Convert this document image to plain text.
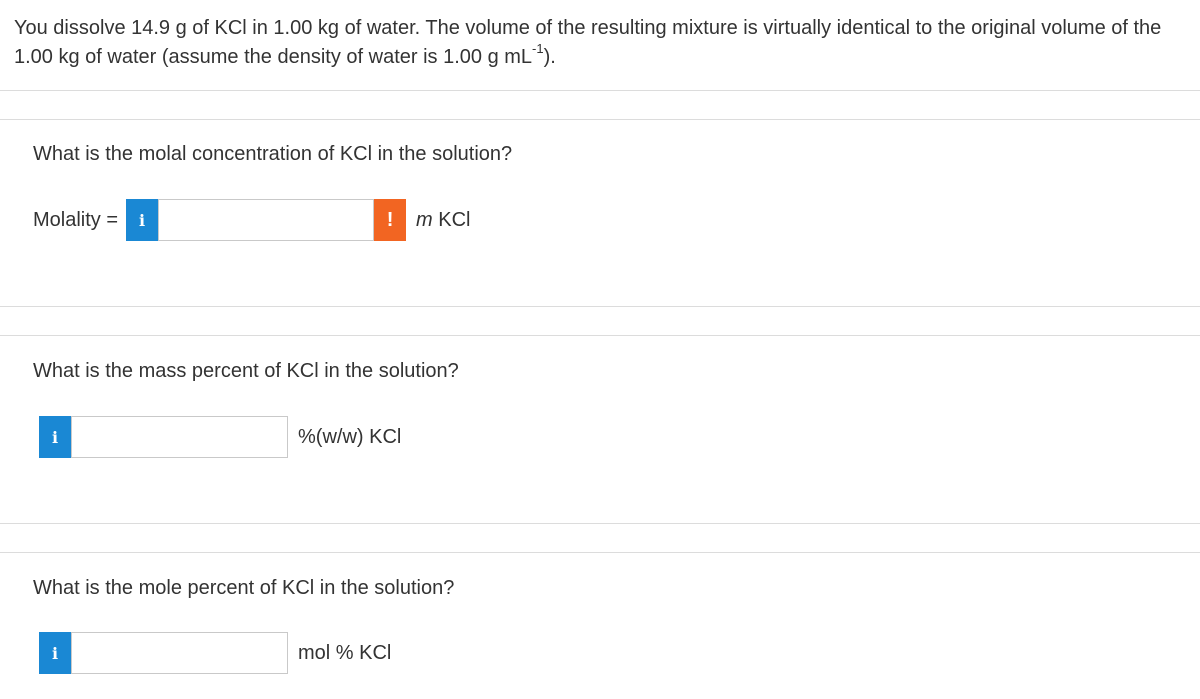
You dissolve 14.9 g of KCl in 1.00 kg of water. The volume of the resulting mixture is virtually identical to the original volume of the 1.00 kg of water (assume the density of water is 1.00 g $mL^{-1}$).
What is the molal concentration of KCl in the solution?
Molality =	i	!	m KCl
What is the mass percent of KCl in the solution?
i	%(w/w) KCl
What is the mole percent of KCl in the solution?
i	mol % KCl
